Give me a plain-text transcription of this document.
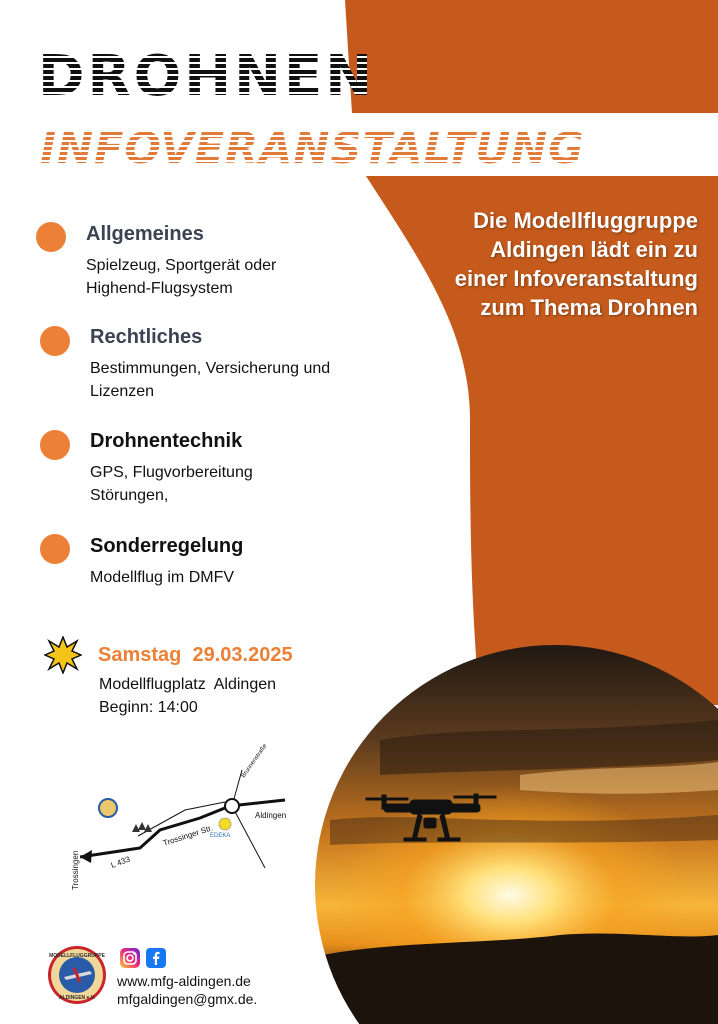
DROHNEN
INFOVERANSTALTUNG
Die Modellfluggruppe
Aldingen lädt ein zu
einer Infoveranstaltung
zum Thema Drohnen
Allgemeines
Spielzeug, Sportgerät oder
Highend-Flugsystem
Rechtliches
Bestimmungen, Versicherung und
Lizenzen
Drohnentechnik
GPS, Flugvorbereitung
Störungen,
Sonderregelung
Modellflug im DMFV
Samstag  29.03.2025
Modellflugplatz  Aldingen
Beginn: 14:00
Aldingen
Trossinger Str.
EDEKA
L 433
Trossingen
Brunnenstraße
MODELLFLUGGRUPPE
ALDINGEN e.V.
www.mfg-aldingen.de
mfgaldingen@gmx.de.
